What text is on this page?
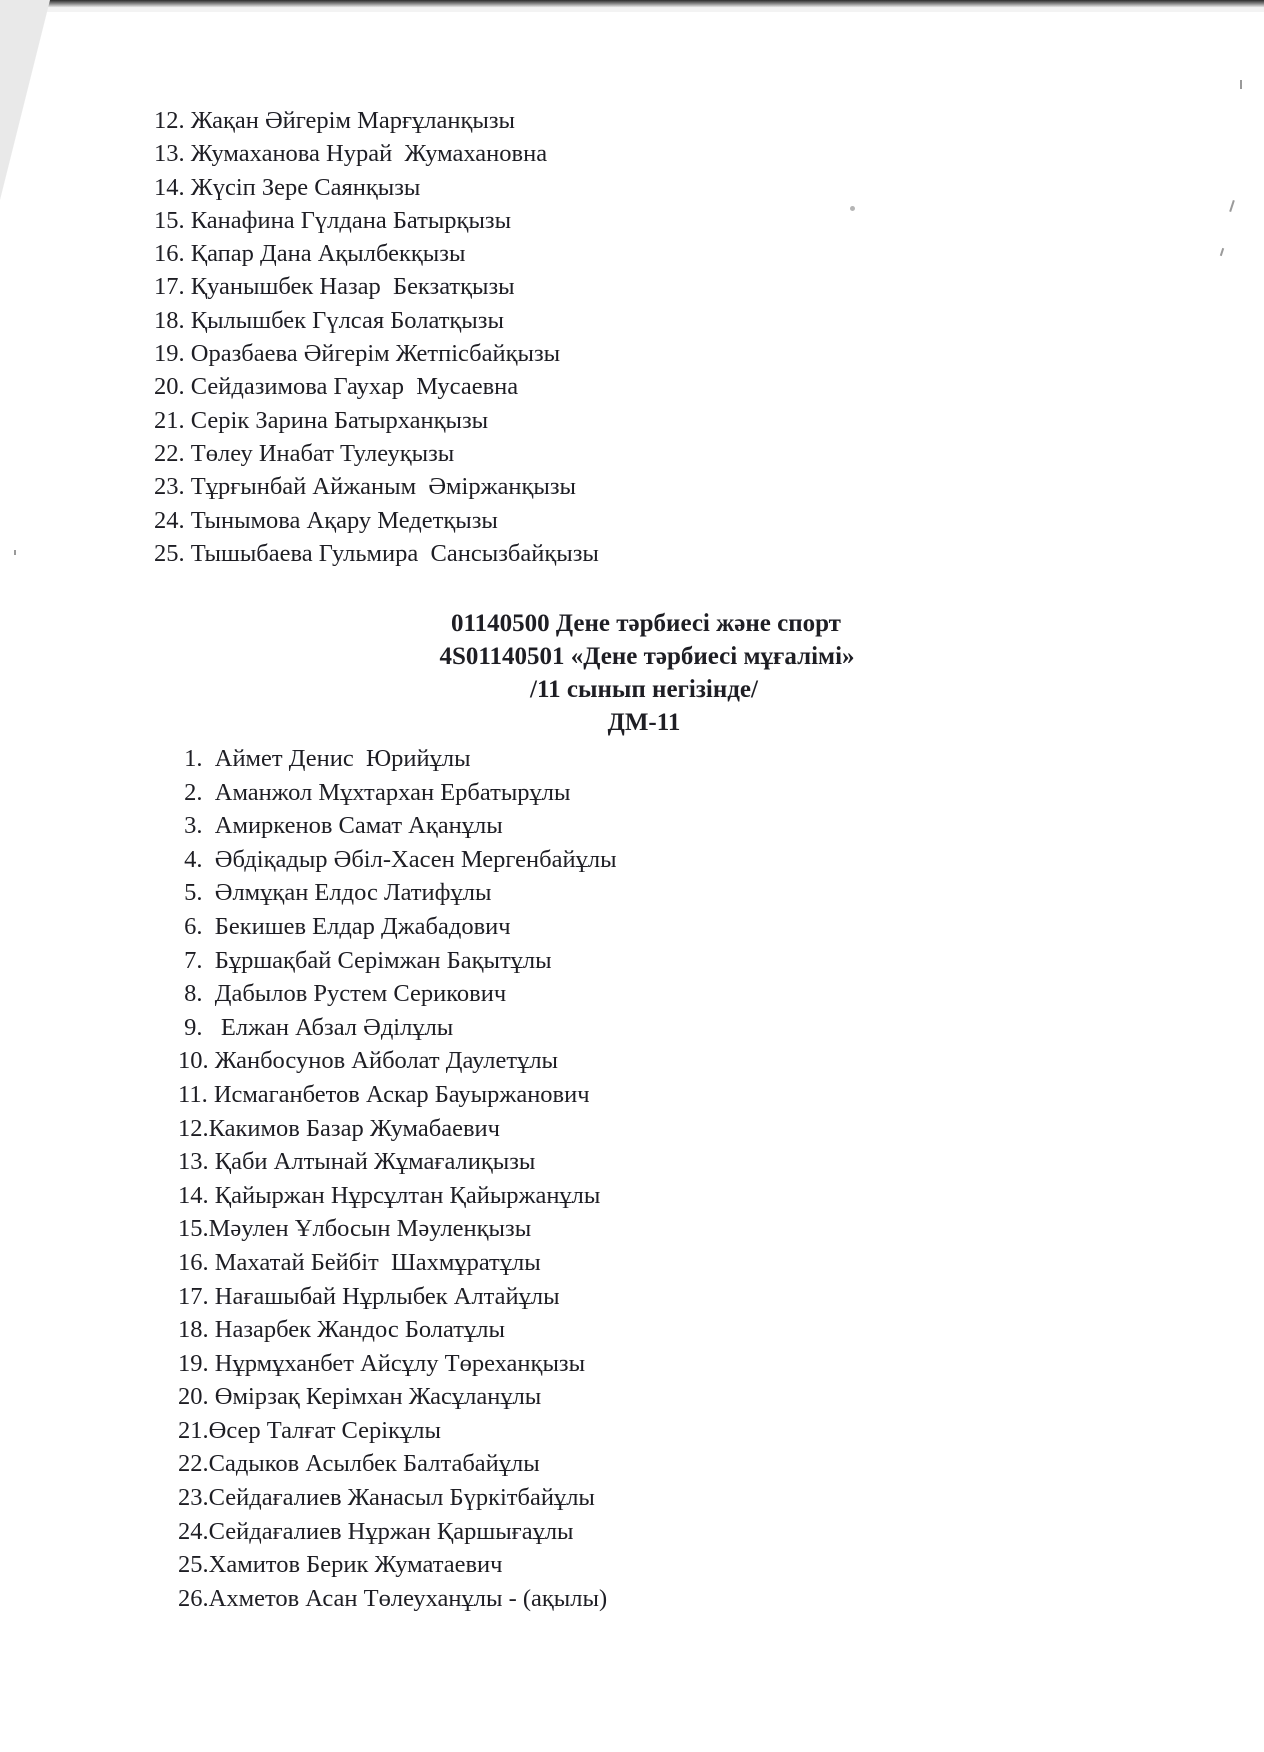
12. Жақан Әйгерім Марғұланқызы
13. Жумаханова Нурай  Жумахановна
14. Жүсіп Зере Саянқызы
15. Канафина Гүлдана Батырқызы
16. Қапар Дана Ақылбекқызы
17. Қуанышбек Назар  Бекзатқызы
18. Қылышбек Гүлсая Болатқызы
19. Оразбаева Әйгерім Жетпісбайқызы
20. Сейдазимова Гаухар  Мусаевна
21. Серік Зарина Батырханқызы
22. Төлеу Инабат Тулеуқызы
23. Тұрғынбай Айжаным  Әміржанқызы
24. Тынымова Ақару Медетқызы
25. Тышыбаева Гульмира  Сансызбайқызы
01140500 Дене тәрбиесі және спорт
4S01140501 «Дене тәрбиесі мұғалімі»
/11 сынып негізінде/
ДМ-11
1.  Аймет Денис  Юрийұлы
2.  Аманжол Мұхтархан Ербатырұлы
3.  Амиркенов Самат Ақанұлы
4.  Әбдіқадыр Әбіл-Хасен Мергенбайұлы
5.  Әлмұқан Елдос Латифұлы
6.  Бекишев Елдар Джабадович
7.  Бұршақбай Серімжан Бақытұлы
8.  Дабылов Рустем Серикович
9.   Елжан Абзал Әділұлы
10. Жанбосунов Айболат Даулетұлы
11. Исмаганбетов Аскар Бауыржанович
12.Какимов Базар Жумабаевич
13. Қаби Алтынай Жұмағалиқызы
14. Қайыржан Нұрсұлтан Қайыржанұлы
15.Мәулен Ұлбосын Мәуленқызы
16. Махатай Бейбіт  Шахмұратұлы
17. Нағашыбай Нұрлыбек Алтайұлы
18. Назарбек Жандос Болатұлы
19. Нұрмұханбет Айсұлу Төреханқызы
20. Өмірзақ Керімхан Жасұланұлы
21.Өсер Талғат Серікұлы
22.Садыков Асылбек Балтабайұлы
23.Сейдағалиев Жанасыл Бүркітбайұлы
24.Сейдағалиев Нұржан Қаршығаұлы
25.Хамитов Берик Жуматаевич
26.Ахметов Асан Төлеуханұлы - (ақылы)
